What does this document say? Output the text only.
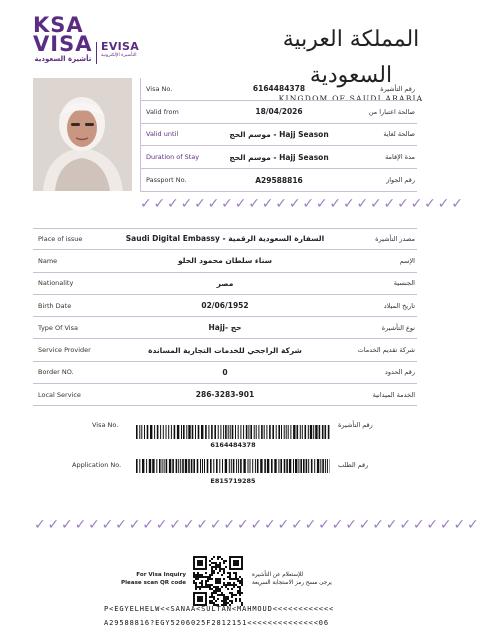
KSA
VISA
تأشيرة السعودية
EVISA
التأشيرة الإلكترونية
المملكة العربية السعودية
KINGDOM OF SAUDI ARABIA
Visa No.	6164484378	رقم التأشيرة
Valid from	18/04/2026	صالحة اعتبارا من
Valid until	موسم الحج - Hajj Season	صالحة لغاية
Duration of Stay	موسم الحج - Hajj Season	مدة الإقامة
Passport No.	A29588816	رقم الجواز
✓✓✓✓✓✓✓✓✓✓✓✓✓✓✓✓✓✓✓✓✓✓✓✓
Place of issue	Saudi Digital Embassy - السفارة السعودية الرقمية	مصدر التأشيرة
Name	سناء سلطان محمود الحلو	الإسم
Nationality	مصر	الجنسية
Birth Date	02/06/1952	تاريخ الميلاد
Type Of Visa	Hajj- حج	نوع التأشيرة
Service Provider	شركة الراجحي للخدمات التجارية المساندة	شركة تقديم الخدمات
Border NO.	0	رقم الحدود
Local Service	286-3283-901	الخدمة الميدانية
Visa No.	رقم التأشيرة
6164484378
Application No.	رقم الطلب
E815719285
✓✓✓✓✓✓✓✓✓✓✓✓✓✓✓✓✓✓✓✓✓✓✓✓✓✓✓✓✓✓✓✓✓
For Visa Inquiry
Please scan QR code
للإستعلام عن التأشيرة
يرجى مسح رمز الاستجابة السريعة
P<EGYELHELW<<SANAA<SULTAN<MAHMOUD<<<<<<<<<<<<
A29588816?EGY5206025F2812151<<<<<<<<<<<<<<06
